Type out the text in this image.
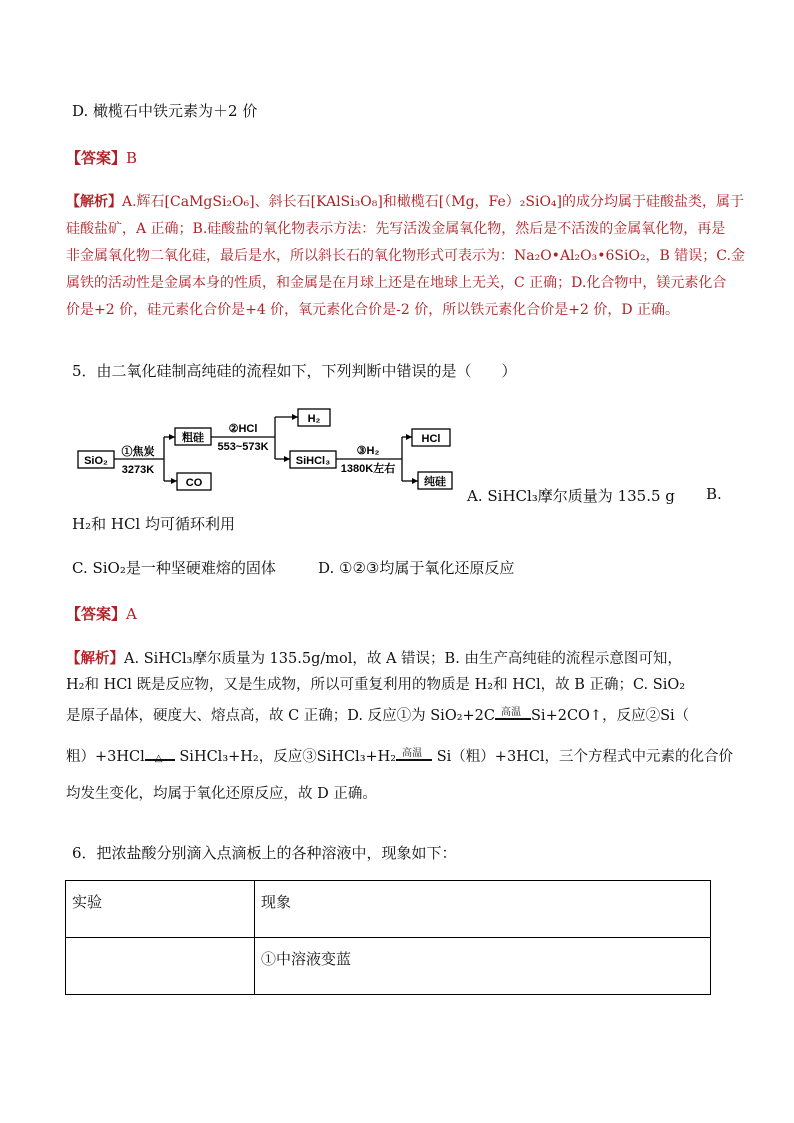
D. 橄榄石中铁元素为＋2 价
【答案】B
【解析】A.辉石[CaMgSi₂O₆]、斜长石[KAlSi₃O₈]和橄榄石[（Mg，Fe）₂SiO₄]的成分均属于硅酸盐类，属于
硅酸盐矿，A 正确；B.硅酸盐的氧化物表示方法：先写活泼金属氧化物，然后是不活泼的金属氧化物，再是
非金属氧化物二氧化硅，最后是水，所以斜长石的氧化物形式可表示为：Na₂O•Al₂O₃•6SiO₂，B 错误；C.金
属铁的活动性是金属本身的性质，和金属是在月球上还是在地球上无关，C 正确；D.化合物中，镁元素化合
价是+2 价，硅元素化合价是+4 价，氧元素化合价是-2 价，所以铁元素化合价是+2 价，D 正确。
5．由二氧化硅制高纯硅的流程如下，下列判断中错误的是（　　）
SiO₂
粗硅
CO
H₂
SiHCl₃
HCl
纯硅
①焦炭
3273K
②HCl
553~573K	③H₂
1380K左右
A. SiHCl₃摩尔质量为 135.5 g B.
H₂和 HCl 均可循环利用
C. SiO₂是一种坚硬难熔的固体	D. ①②③均属于氧化还原反应
【答案】A
【解析】A. SiHCl₃摩尔质量为 135.5g/mol，故 A 错误；B. 由生产高纯硅的流程示意图可知，
H₂和 HCl 既是反应物，又是生成物，所以可重复利用的物质是 H₂和 HCl，故 B 正确；C. SiO₂
是原子晶体，硬度大、熔点高，故 C 正确；D. 反应①为 SiO₂+2C 高温 Si+2CO↑，反应②Si（
粗）+3HCl △ SiHCl₃+H₂，反应③SiHCl₃+H₂ 高温 Si（粗）+3HCl，三个方程式中元素的化合价
均发生变化，均属于氧化还原反应，故 D 正确。
6．把浓盐酸分别滴入点滴板上的各种溶液中，现象如下：
实验	现象
	①中溶液变蓝
